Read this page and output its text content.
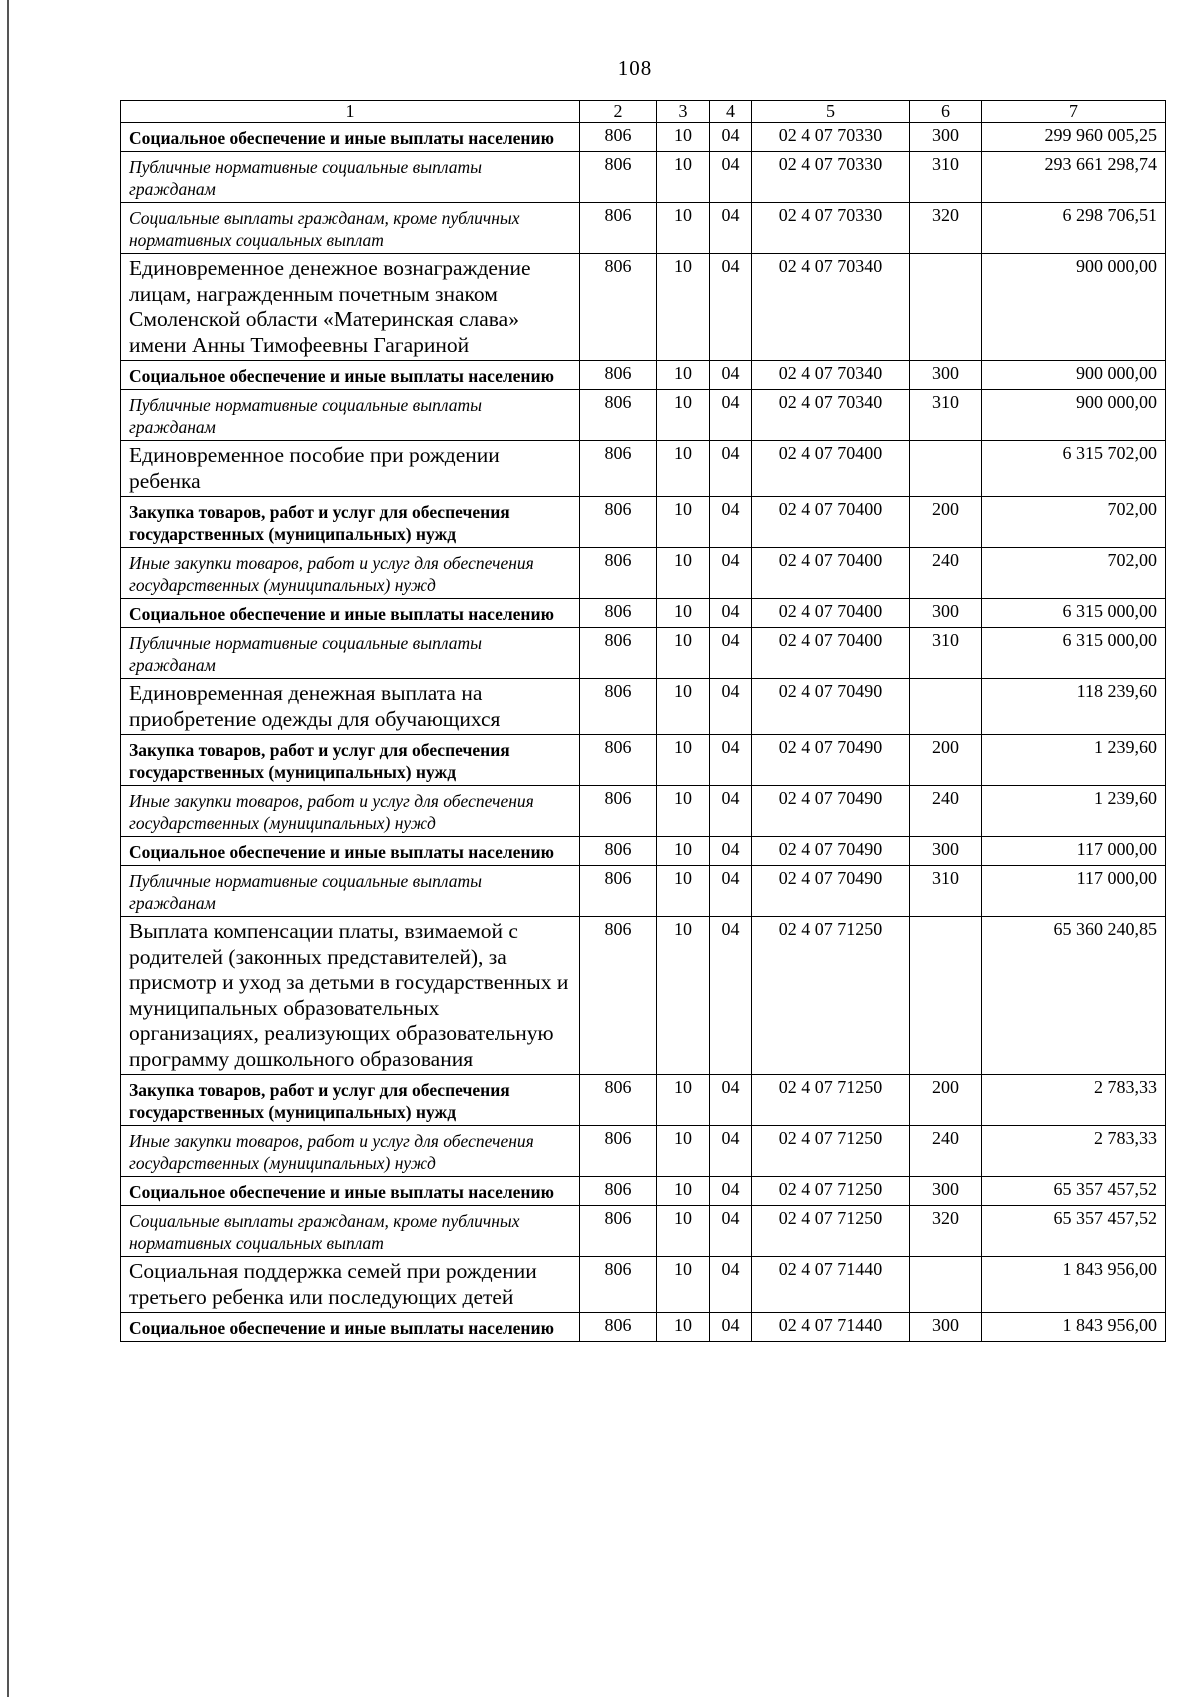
108
1	2	3	4	5	6	7
Социальное обеспечение и иные выплаты населению	806	10	04	02 4 07 70330	300	299 960 005,25
Публичные нормативные социальные выплаты гражданам	806	10	04	02 4 07 70330	310	293 661 298,74
Социальные выплаты гражданам, кроме публичных нормативных социальных выплат	806	10	04	02 4 07 70330	320	6 298 706,51
Единовременное денежное вознаграждение лицам, награжденным почетным знаком Смоленской области «Материнская слава» имени Анны Тимофеевны Гагариной	806	10	04	02 4 07 70340		900 000,00
Социальное обеспечение и иные выплаты населению	806	10	04	02 4 07 70340	300	900 000,00
Публичные нормативные социальные выплаты гражданам	806	10	04	02 4 07 70340	310	900 000,00
Единовременное пособие при рождении ребенка	806	10	04	02 4 07 70400		6 315 702,00
Закупка товаров, работ и услуг для обеспечения государственных (муниципальных) нужд	806	10	04	02 4 07 70400	200	702,00
Иные закупки товаров, работ и услуг для обеспечения государственных (муниципальных) нужд	806	10	04	02 4 07 70400	240	702,00
Социальное обеспечение и иные выплаты населению	806	10	04	02 4 07 70400	300	6 315 000,00
Публичные нормативные социальные выплаты гражданам	806	10	04	02 4 07 70400	310	6 315 000,00
Единовременная денежная выплата на приобретение одежды для обучающихся	806	10	04	02 4 07 70490		118 239,60
Закупка товаров, работ и услуг для обеспечения государственных (муниципальных) нужд	806	10	04	02 4 07 70490	200	1 239,60
Иные закупки товаров, работ и услуг для обеспечения государственных (муниципальных) нужд	806	10	04	02 4 07 70490	240	1 239,60
Социальное обеспечение и иные выплаты населению	806	10	04	02 4 07 70490	300	117 000,00
Публичные нормативные социальные выплаты гражданам	806	10	04	02 4 07 70490	310	117 000,00
Выплата компенсации платы, взимаемой с родителей (законных представителей), за присмотр и уход за детьми в государственных и муниципальных образовательных организациях, реализующих образовательную программу дошкольного образования	806	10	04	02 4 07 71250		65 360 240,85
Закупка товаров, работ и услуг для обеспечения государственных (муниципальных) нужд	806	10	04	02 4 07 71250	200	2 783,33
Иные закупки товаров, работ и услуг для обеспечения государственных (муниципальных) нужд	806	10	04	02 4 07 71250	240	2 783,33
Социальное обеспечение и иные выплаты населению	806	10	04	02 4 07 71250	300	65 357 457,52
Социальные выплаты гражданам, кроме публичных нормативных социальных выплат	806	10	04	02 4 07 71250	320	65 357 457,52
Социальная поддержка семей при рождении третьего ребенка или последующих детей	806	10	04	02 4 07 71440		1 843 956,00
Социальное обеспечение и иные выплаты населению	806	10	04	02 4 07 71440	300	1 843 956,00
